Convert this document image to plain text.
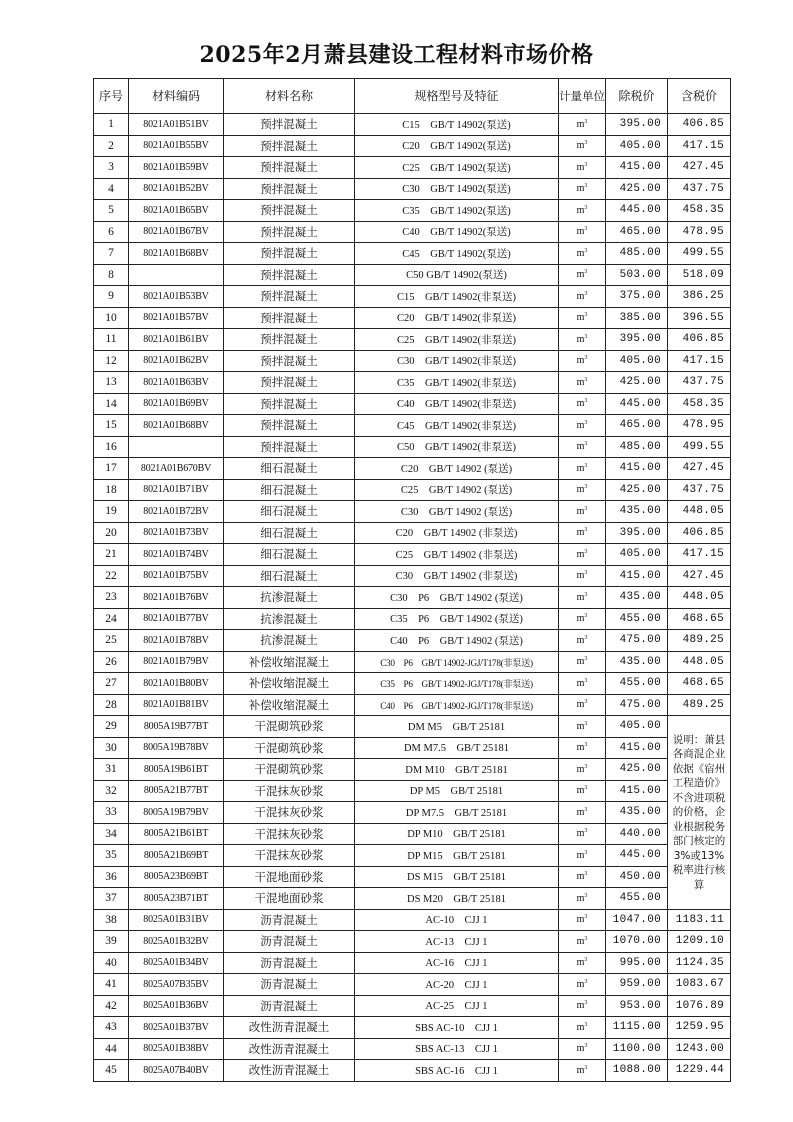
2025年2月萧县建设工程材料市场价格
序号	材料编码	材料名称	规格型号及特征	计量单位	除税价	含税价
1	8021A01B51BV	预拌混凝土	C15　GB/T 14902(泵送)	$m^3$	395.00	406.85
2	8021A01B55BV	预拌混凝土	C20　GB/T 14902(泵送)	$m^3$	405.00	417.15
3	8021A01B59BV	预拌混凝土	C25　GB/T 14902(泵送)	$m^3$	415.00	427.45
4	8021A01B52BV	预拌混凝土	C30　GB/T 14902(泵送)	$m^3$	425.00	437.75
5	8021A01B65BV	预拌混凝土	C35　GB/T 14902(泵送)	$m^3$	445.00	458.35
6	8021A01B67BV	预拌混凝土	C40　GB/T 14902(泵送)	$m^3$	465.00	478.95
7	8021A01B68BV	预拌混凝土	C45　GB/T 14902(泵送)	$m^3$	485.00	499.55
8		预拌混凝土	C50 GB/T 14902(泵送)	$m^3$	503.00	518.09
9	8021A01B53BV	预拌混凝土	C15　GB/T 14902(非泵送)	$m^3$	375.00	386.25
10	8021A01B57BV	预拌混凝土	C20　GB/T 14902(非泵送)	$m^3$	385.00	396.55
11	8021A01B61BV	预拌混凝土	C25　GB/T 14902(非泵送)	$m^3$	395.00	406.85
12	8021A01B62BV	预拌混凝土	C30　GB/T 14902(非泵送)	$m^3$	405.00	417.15
13	8021A01B63BV	预拌混凝土	C35　GB/T 14902(非泵送)	$m^3$	425.00	437.75
14	8021A01B69BV	预拌混凝土	C40　GB/T 14902(非泵送)	$m^3$	445.00	458.35
15	8021A01B68BV	预拌混凝土	C45　GB/T 14902(非泵送)	$m^3$	465.00	478.95
16		预拌混凝土	C50　GB/T 14902(非泵送)	$m^3$	485.00	499.55
17	8021A01B670BV	细石混凝土	C20　GB/T 14902 (泵送)	$m^3$	415.00	427.45
18	8021A01B71BV	细石混凝土	C25　GB/T 14902 (泵送)	$m^3$	425.00	437.75
19	8021A01B72BV	细石混凝土	C30　GB/T 14902 (泵送)	$m^3$	435.00	448.05
20	8021A01B73BV	细石混凝土	C20　GB/T 14902 (非泵送)	$m^3$	395.00	406.85
21	8021A01B74BV	细石混凝土	C25　GB/T 14902 (非泵送)	$m^3$	405.00	417.15
22	8021A01B75BV	细石混凝土	C30　GB/T 14902 (非泵送)	$m^3$	415.00	427.45
23	8021A01B76BV	抗渗混凝土	C30　P6　GB/T 14902 (泵送)	$m^3$	435.00	448.05
24	8021A01B77BV	抗渗混凝土	C35　P6　GB/T 14902 (泵送)	$m^3$	455.00	468.65
25	8021A01B78BV	抗渗混凝土	C40　P6　GB/T 14902 (泵送)	$m^3$	475.00	489.25
26	8021A01B79BV	补偿收缩混凝土	C30　P6　GB/T 14902-JGJ/T178(非泵送)	$m^3$	435.00	448.05
27	8021A01B80BV	补偿收缩混凝土	C35　P6　GB/T 14902-JGJ/T178(非泵送)	$m^3$	455.00	468.65
28	8021A01B81BV	补偿收缩混凝土	C40　P6　GB/T 14902-JGJ/T178(非泵送)	$m^3$	475.00	489.25
29	8005A19B77BT	干混砌筑砂浆	DM M5　GB/T 25181	$m^3$	405.00	说明：萧县各商混企业依据《宿州工程造价》不含进项税的价格，企业根据税务部门核定的3%或13%税率进行核算
30	8005A19B78BV	干混砌筑砂浆	DM M7.5　GB/T 25181	$m^3$	415.00	
31	8005A19B61BT	干混砌筑砂浆	DM M10　GB/T 25181	$m^3$	425.00	
32	8005A21B77BT	干混抹灰砂浆	DP M5　GB/T 25181	$m^3$	415.00	
33	8005A19B79BV	干混抹灰砂浆	DP M7.5　GB/T 25181	$m^3$	435.00	
34	8005A21B61BT	干混抹灰砂浆	DP M10　GB/T 25181	$m^3$	440.00	
35	8005A21B69BT	干混抹灰砂浆	DP M15　GB/T 25181	$m^3$	445.00	
36	8005A23B69BT	干混地面砂浆	DS M15　GB/T 25181	$m^3$	450.00	
37	8005A23B71BT	干混地面砂浆	DS M20　GB/T 25181	$m^3$	455.00	
38	8025A01B31BV	沥青混凝土	AC-10　CJJ 1	$m^3$	1047.00	1183.11
39	8025A01B32BV	沥青混凝土	AC-13　CJJ 1	$m^3$	1070.00	1209.10
40	8025A01B34BV	沥青混凝土	AC-16　CJJ 1	$m^3$	995.00	1124.35
41	8025A07B35BV	沥青混凝土	AC-20　CJJ 1	$m^3$	959.00	1083.67
42	8025A01B36BV	沥青混凝土	AC-25　CJJ 1	$m^3$	953.00	1076.89
43	8025A01B37BV	改性沥青混凝土	SBS AC-10　CJJ 1	$m^3$	1115.00	1259.95
44	8025A01B38BV	改性沥青混凝土	SBS AC-13　CJJ 1	$m^3$	1100.00	1243.00
45	8025A07B40BV	改性沥青混凝土	SBS AC-16　CJJ 1	$m^3$	1088.00	1229.44
